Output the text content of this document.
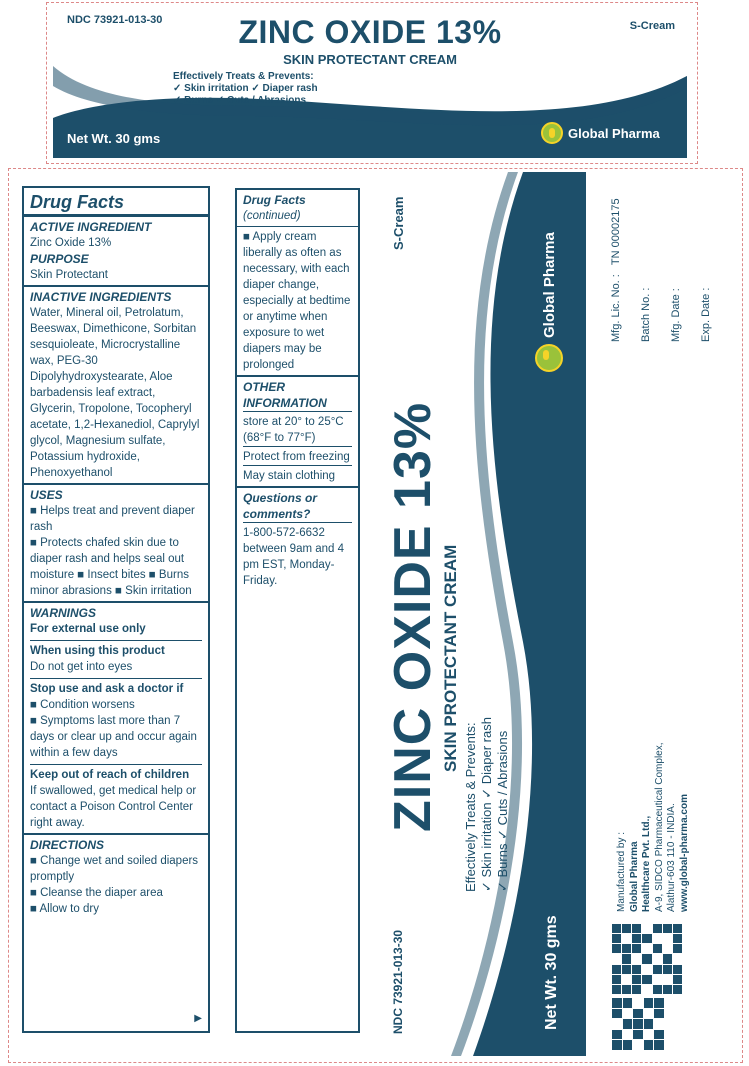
NDC 73921-013-30	S-Cream
ZINC OXIDE 13%
SKIN PROTECTANT CREAM
Effectively Treats & Prevents:
✓ Skin irritation ✓ Diaper rash
✓ Burns ✓ Cuts / Abrasions
Net Wt. 30 gms	Global Pharma
Drug Facts
ACTIVE INGREDIENT
Zinc Oxide 13%
PURPOSE
Skin Protectant
INACTIVE INGREDIENTS
Water, Mineral oil, Petrolatum, Beeswax, Dimethicone, Sorbitan sesquioleate, Microcrystalline wax, PEG-30 Dipolyhydroxystearate, Aloe barbadensis leaf extract, Glycerin, Tropolone, Tocopheryl acetate, 1,2-Hexanediol, Caprylyl glycol, Magnesium sulfate, Potassium hydroxide, Phenoxyethanol
USES
■ Helps treat and prevent diaper rash
■ Protects chafed skin due to diaper rash and helps seal out moisture ■ Insect bites ■ Burns minor abrasions ■ Skin irritation
WARNINGS
For external use only
When using this product
Do not get into eyes
Stop use and ask a doctor if
■ Condition worsens
■ Symptoms last more than 7 days or clear up and occur again within a few days
Keep out of reach of children
If swallowed, get medical help or contact a Poison Control Center right away.
DIRECTIONS
■ Change wet and soiled diapers promptly
■ Cleanse the diaper area
■ Allow to dry
▶
Drug Facts
(continued)
■ Apply cream liberally as often as necessary, with each diaper change, especially at bedtime or anytime when exposure to wet diapers may be prolonged
OTHER INFORMATION
store at 20° to 25°C (68°F to 77°F)
Protect from freezing
May stain clothing
Questions or comments?
1-800-572-6632 between 9am and 4 pm EST, Monday-Friday.
S-Cream
Global Pharma
ZINC OXIDE 13% SKIN PROTECTANT CREAM
Effectively Treats & Prevents: ✓ Skin irritation ✓ Diaper rash ✓ Burns ✓ Cuts / Abrasions
NDC 73921-013-30	Net Wt. 30 gms
Mfg. Lic. No. : TN 00002175
Batch No. : Mfg. Date : Exp. Date :
Manufactured by : Global Pharma Healthcare Pvt. Ltd., A-9, SIDCO Pharmaceutical Complex, Alathur-603 110 - INDIA. www.global-pharma.com
